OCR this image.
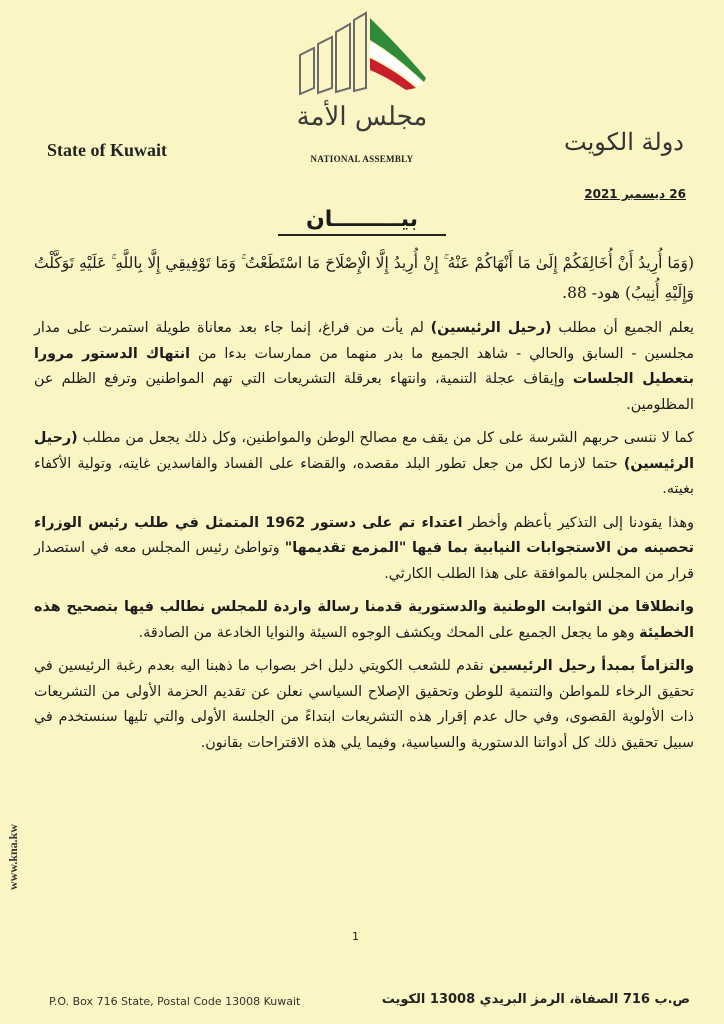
State of Kuwait	دولة الكويت
مجلس الأمة
NATIONAL ASSEMBLY
26 ديسمبر 2021
بيـــــــــان

(وَمَا أُرِيدُ أَنْ أُخَالِفَكُمْ إِلَىٰ مَا أَنْهَاكُمْ عَنْهُ ۚ إِنْ أُرِيدُ إِلَّا الْإِصْلَاحَ مَا اسْتَطَعْتُ ۚ وَمَا تَوْفِيقِي إِلَّا بِاللَّهِ ۚ عَلَيْهِ تَوَكَّلْتُ وَإِلَيْهِ أُنِيبُ) هود- 88.

يعلم الجميع أن مطلب (رحيل الرئيسين) لم يأت من فراغ، إنما جاء بعد معاناة طويلة استمرت على مدار مجلسين - السابق والحالي - شاهد الجميع ما بدر منهما من ممارسات بدءا من انتهاك الدستور مرورا بتعطيل الجلسات وإيقاف عجلة التنمية، وانتهاء بعرقلة التشريعات التي تهم المواطنين وترفع الظلم عن المظلومين.

كما لا ننسى حربهم الشرسة على كل من يقف مع مصالح الوطن والمواطنين، وكل ذلك يجعل من مطلب (رحيل الرئيسين) حتما لازما لكل من جعل تطور البلد مقصده، والقضاء على الفساد والفاسدين غايته، وتولية الأكفاء بغيته.

وهذا يقودنا إلى التذكير بأعظم وأخطر اعتداء تم على دستور 1962 المتمثل في طلب رئيس الوزراء تحصينه من الاستجوابات النيابية بما فيها "المزمع تقديمها" وتواطئ رئيس المجلس معه في استصدار قرار من المجلس بالموافقة على هذا الطلب الكارثي.

وانطلاقا من الثوابت الوطنية والدستورية قدمنا رسالة واردة للمجلس نطالب فيها بتصحيح هذه الخطيئة وهو ما يجعل الجميع على المحك ويكشف الوجوه السيئة والنوايا الخادعة من الصادقة.

والتزاماً بمبدأ رحيل الرئيسين نقدم للشعب الكويتي دليل اخر بصواب ما ذهبنا اليه بعدم رغبة الرئيسين في تحقيق الرخاء للمواطن والتنمية للوطن وتحقيق الإصلاح السياسي نعلن عن تقديم الحزمة الأولى من التشريعات ذات الأولوية القصوى، وفي حال عدم إقرار هذه التشريعات ابتداءً من الجلسة الأولى والتي تليها سنستخدم في سبيل تحقيق ذلك كل أدواتنا الدستورية والسياسية، وفيما يلي هذه الاقتراحات بقانون.

1
www.kna.kw
P.O. Box 716 State, Postal Code 13008 Kuwait	ص.ب 716 الصفاة، الرمز البريدي 13008 الكويت
